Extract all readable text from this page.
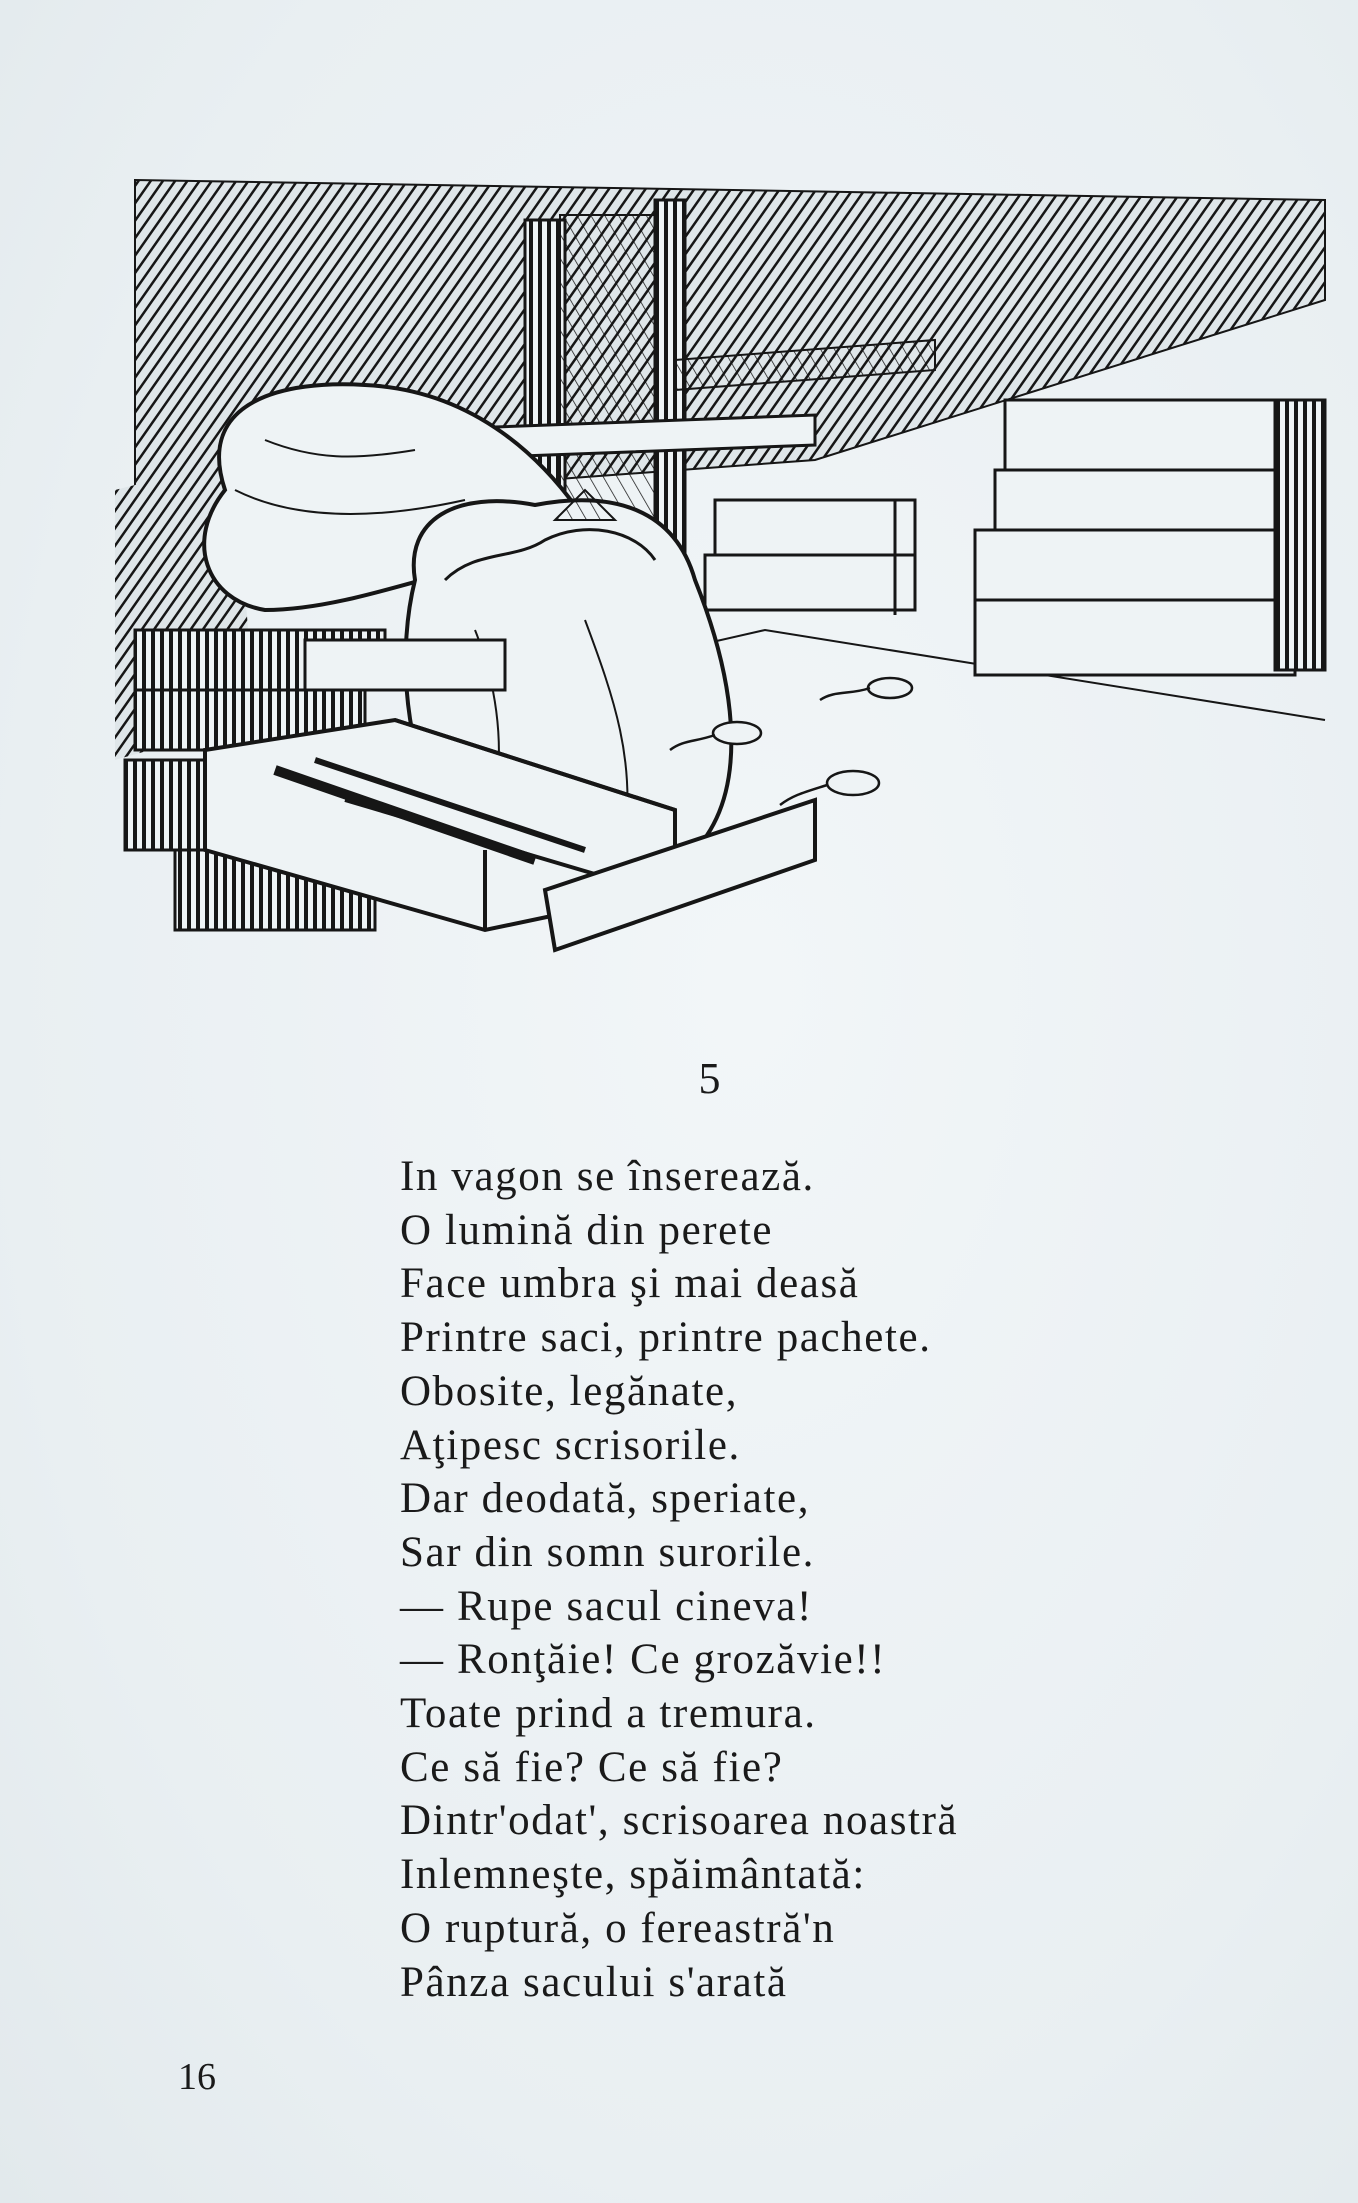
5
In vagon se înserează.
O lumină din perete
Face umbra şi mai deasă
Printre saci, printre pachete.
Obosite, legănate,
Aţipesc scrisorile.
Dar deodată, speriate,
Sar din somn surorile.
— Rupe sacul cineva!
— Ronţăie! Ce grozăvie!!
Toate prind a tremura.
Ce să fie? Ce să fie?
Dintr'odat', scrisoarea noastră
Inlemneşte, spăimântată:
O ruptură, o fereastră'n
Pânza sacului s'arată
16
